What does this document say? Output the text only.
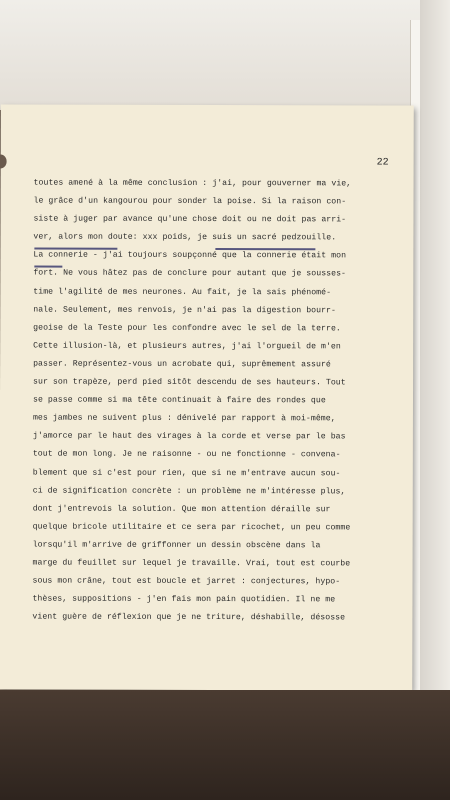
22
toutes amené à la même conclusion : j'ai, pour gouverner ma vie,
le grâce d'un kangourou pour sonder la poise. Si la raison con-
siste à juger par avance qu'une chose doit ou ne doit pas arri-
ver, alors mon doute: xxx poids, je suis un sacré pedzouille.
La connerie - j'ai toujours soupçonné que la connerie était mon
fort. Ne vous hâtez pas de conclure pour autant que je sousses-
time l'agilité de mes neurones. Au fait, je la sais phénomé-
nale. Seulement, mes renvois, je n'ai pas la digestion bourr-
geoise de la Teste pour les confondre avec le sel de la terre.
Cette illusion-là, et plusieurs autres, j'ai l'orgueil de m'en
passer. Représentez-vous un acrobate qui, suprêmement assuré
sur son trapèze, perd pied sitôt descendu de ses hauteurs. Tout
se passe comme si ma tête continuait à faire des rondes que
mes jambes ne suivent plus : dénivelé par rapport à moi-même,
j'amorce par le haut des virages à la corde et verse par le bas
tout de mon long. Je ne raisonne - ou ne fonctionne - convena-
blement que si c'est pour rien, que si ne m'entrave aucun sou-
ci de signification concrète : un problème ne m'intéresse plus,
dont j'entrevois la solution. Que mon attention déraille sur
quelque bricole utilitaire et ce sera par ricochet, un peu comme
lorsqu'il m'arrive de griffonner un dessin obscène dans la
marge du feuillet sur lequel je travaille. Vrai, tout est courbe
sous mon crâne, tout est boucle et jarret : conjectures, hypo-
thèses, suppositions - j'en fais mon pain quotidien. Il ne me
vient guère de réflexion que je ne triture, déshabille, désosse
